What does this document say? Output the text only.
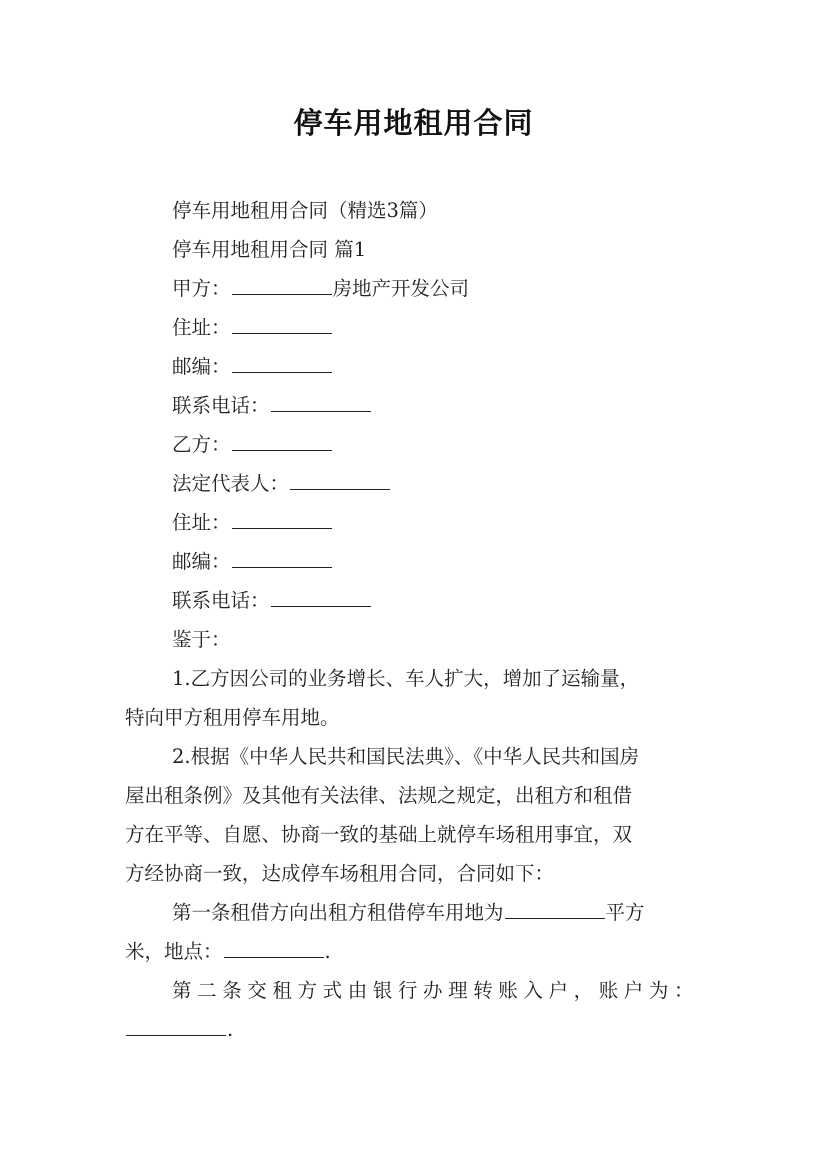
停车用地租用合同
停车用地租用合同（精选3篇）
停车用地租用合同 篇1
甲方：	房地产开发公司
住址：
邮编：
联系电话：
乙方：
法定代表人：
住址：
邮编：
联系电话：
鉴于：
1.乙方因公司的业务增长、车人扩大，增加了运输量，
特向甲方租用停车用地。
2.根据《中华人民共和国民法典》、《中华人民共和国房
屋出租条例》及其他有关法律、法规之规定，出租方和租借
方在平等、自愿、协商一致的基础上就停车场租用事宜，双
方经协商一致，达成停车场租用合同，合同如下：
第一条租借方向出租方租借停车用地为	平方
米，地点：	.
第二条交租方式由银行办理转账入户，账户为：
.
